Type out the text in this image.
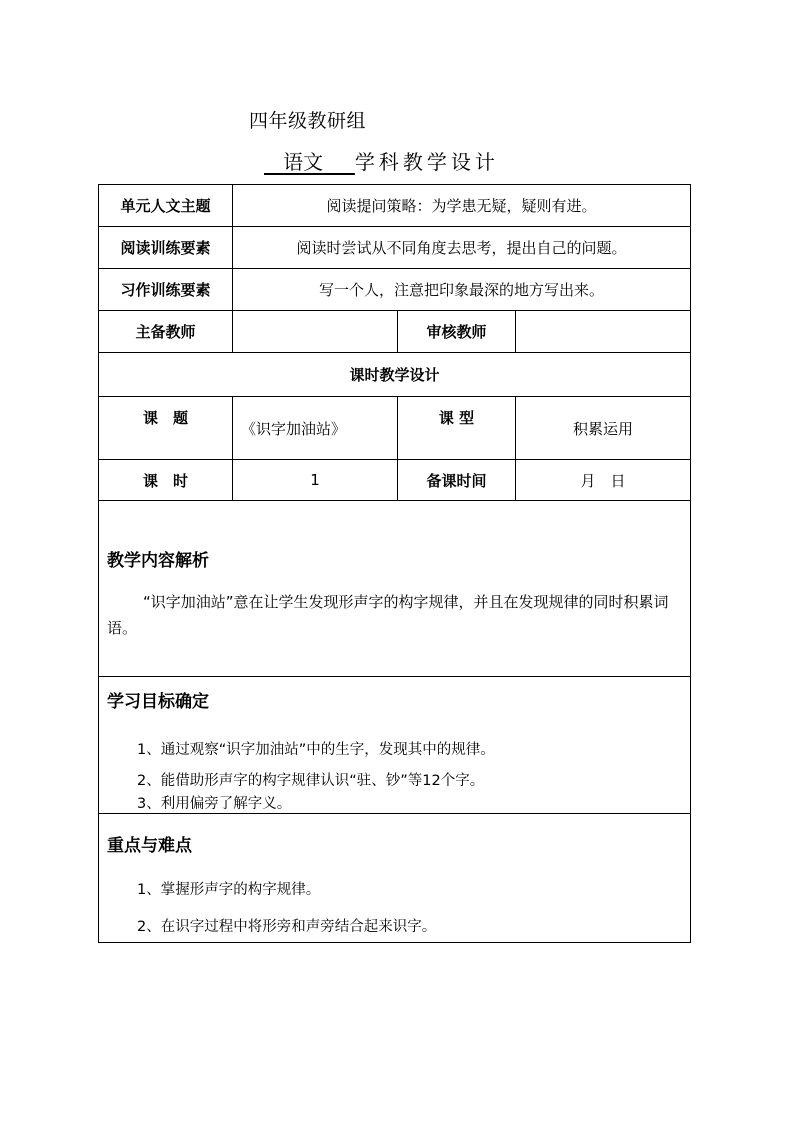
四年级教研组
语文 学科教学设计
单元人文主题	阅读提问策略：为学患无疑，疑则有进。		
阅读训练要素	阅读时尝试从不同角度去思考，提出自己的问题。		
习作训练要素	写一个人，注意把印象最深的地方写出来。		
主备教师		审核教师	
课时教学设计			
课　题	《识字加油站》	课 型	积累运用
课　时	1	备课时间	月　日

教学内容解析
“识字加油站”意在让学生发现形声字的构字规律，并且在发现规律的同时积累词语。			

学习目标确定
1、通过观察“识字加油站”中的生字，发现其中的规律。
2、能借助形声字的构字规律认识“驻、钞”等12个字。
3、利用偏旁了解字义。			

重点与难点
1、掌握形声字的构字规律。
2、在识字过程中将形旁和声旁结合起来识字。			
